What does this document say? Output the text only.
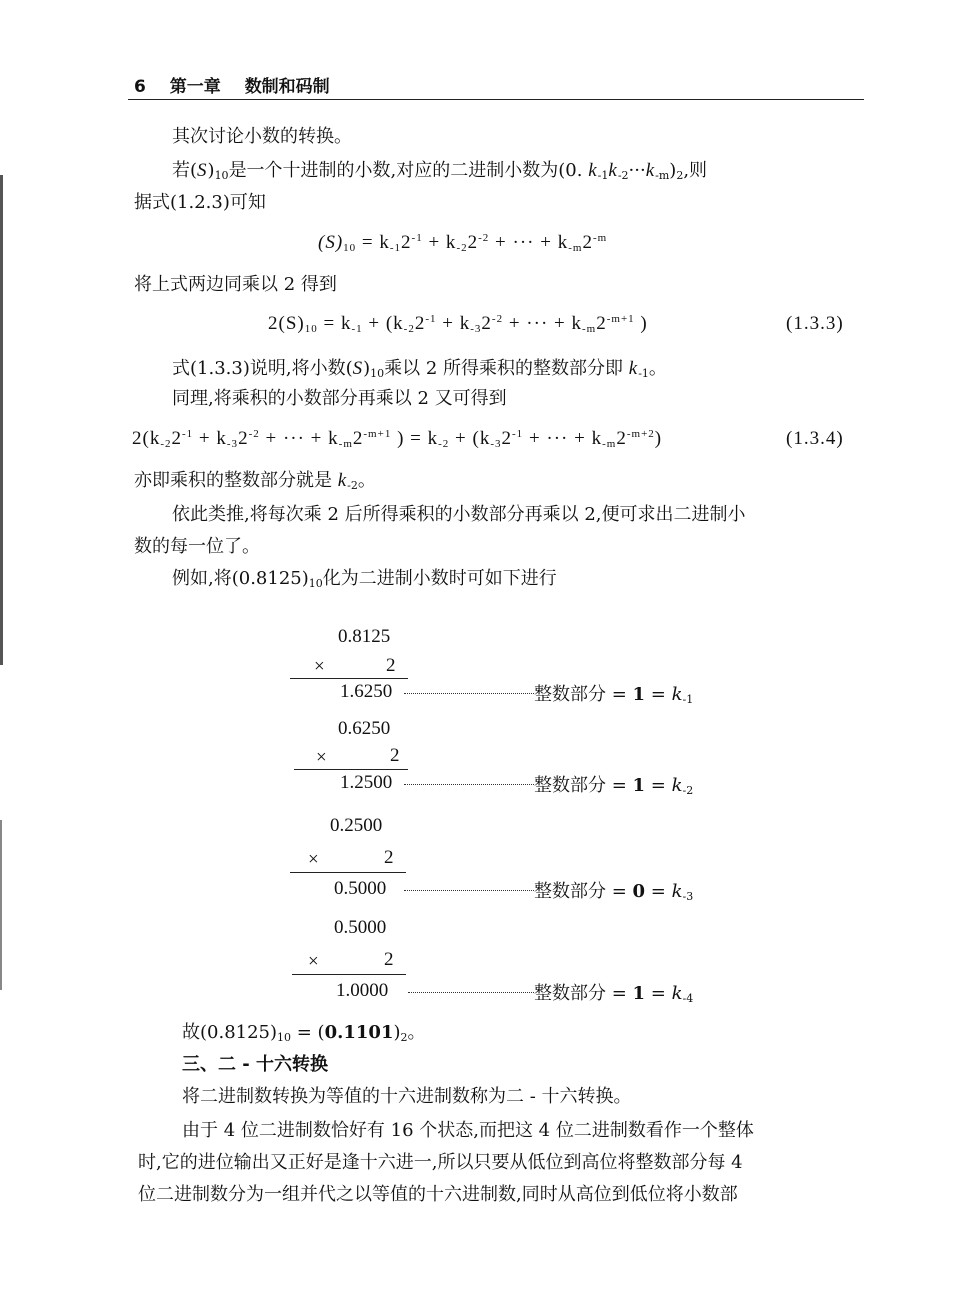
6 第一章 数制和码制
其次讨论小数的转换。
若$(S)_{10}$是一个十进制的小数,对应的二进制小数为(0. $k_{-1}k_{-2}\cdot\cdot\cdot k_{-m})_2$,则
据式(1.2.3)可知
$(S)_{10} = k_{-1}2^{-1} + k_{-2}2^{-2}$ + ··· + $k_{-m}2^{-m}$
将上式两边同乘以 2 得到
$2(S)_{10} = k_{-1} + (k_{-2}2^{-1} + k_{-3}2^{-2}$ + ··· + $k_{-m}2^{-m+1}$ )	(1.3.3)
式(1.3.3)说明,将小数$(S)_{10}$乘以 2 所得乘积的整数部分即 $k_{-1}$。
同理,将乘积的小数部分再乘以 2 又可得到
$2(k_{-2}2^{-1} + k_{-3}2^{-2}$ + ··· + $k_{-m}2^{-m+1}$ ) = $k_{-2} + (k_{-3}2^{-1}$ + ··· + $k_{-m}2^{-m+2}$)	(1.3.4)
亦即乘积的整数部分就是 $k_{-2}$。
依此类推,将每次乘 2 后所得乘积的小数部分再乘以 2,便可求出二进制小
数的每一位了。
例如,将$(0.8125)_{10}$化为二进制小数时可如下进行
0.8125
×	2
1.6250	整数部分 = $1 = k_{-1}$
0.6250
×	2
1.2500	整数部分 = $1 = k_{-2}$
0.2500
×	2
0.5000	整数部分 = $0 = k_{-3}$
0.5000
×	2
1.0000	整数部分 = $1 = k_{-4}$
故$(0.8125)_{10} = (0.1101)_2$。
三、二 - 十六转换
将二进制数转换为等值的十六进制数称为二 - 十六转换。
由于 4 位二进制数恰好有 16 个状态,而把这 4 位二进制数看作一个整体
时,它的进位输出又正好是逢十六进一,所以只要从低位到高位将整数部分每 4
位二进制数分为一组并代之以等值的十六进制数,同时从高位到低位将小数部
